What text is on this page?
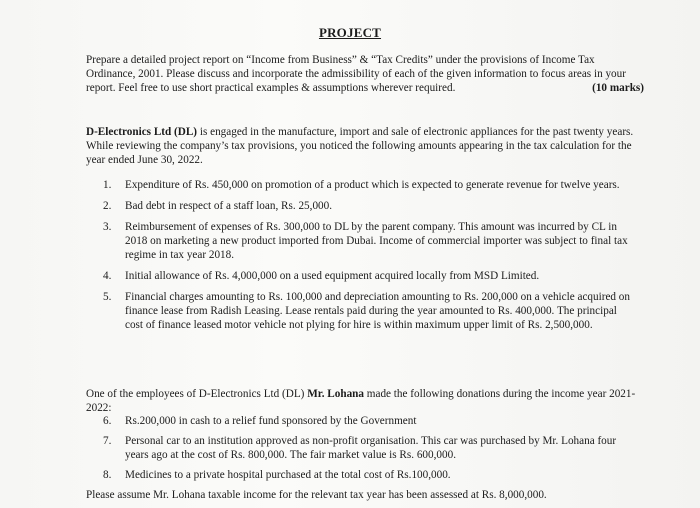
PROJECT
Prepare a detailed project report on “Income from Business” & “Tax Credits” under the provisions of Income Tax Ordinance, 2001. Please discuss and incorporate the admissibility of each of the given information to focus areas in your report. Feel free to use short practical examples & assumptions wherever required.	(10 marks)
D-Electronics Ltd (DL) is engaged in the manufacture, import and sale of electronic appliances for the past twenty years. While reviewing the company’s tax provisions, you noticed the following amounts appearing in the tax calculation for the year ended June 30, 2022.
1. Expenditure of Rs. 450,000 on promotion of a product which is expected to generate revenue for twelve years.
2. Bad debt in respect of a staff loan, Rs. 25,000.
3. Reimbursement of expenses of Rs. 300,000 to DL by the parent company. This amount was incurred by CL in 2018 on marketing a new product imported from Dubai. Income of commercial importer was subject to final tax regime in tax year 2018.
4. Initial allowance of Rs. 4,000,000 on a used equipment acquired locally from MSD Limited.
5. Financial charges amounting to Rs. 100,000 and depreciation amounting to Rs. 200,000 on a vehicle acquired on finance lease from Radish Leasing. Lease rentals paid during the year amounted to Rs. 400,000. The principal cost of finance leased motor vehicle not plying for hire is within maximum upper limit of Rs. 2,500,000.
One of the employees of D-Electronics Ltd (DL) Mr. Lohana made the following donations during the income year 2021-2022:
6. Rs.200,000 in cash to a relief fund sponsored by the Government
7. Personal car to an institution approved as non-profit organisation. This car was purchased by Mr. Lohana four years ago at the cost of Rs. 800,000. The fair market value is Rs. 600,000.
8. Medicines to a private hospital purchased at the total cost of Rs.100,000.
Please assume Mr. Lohana taxable income for the relevant tax year has been assessed at Rs. 8,000,000.
